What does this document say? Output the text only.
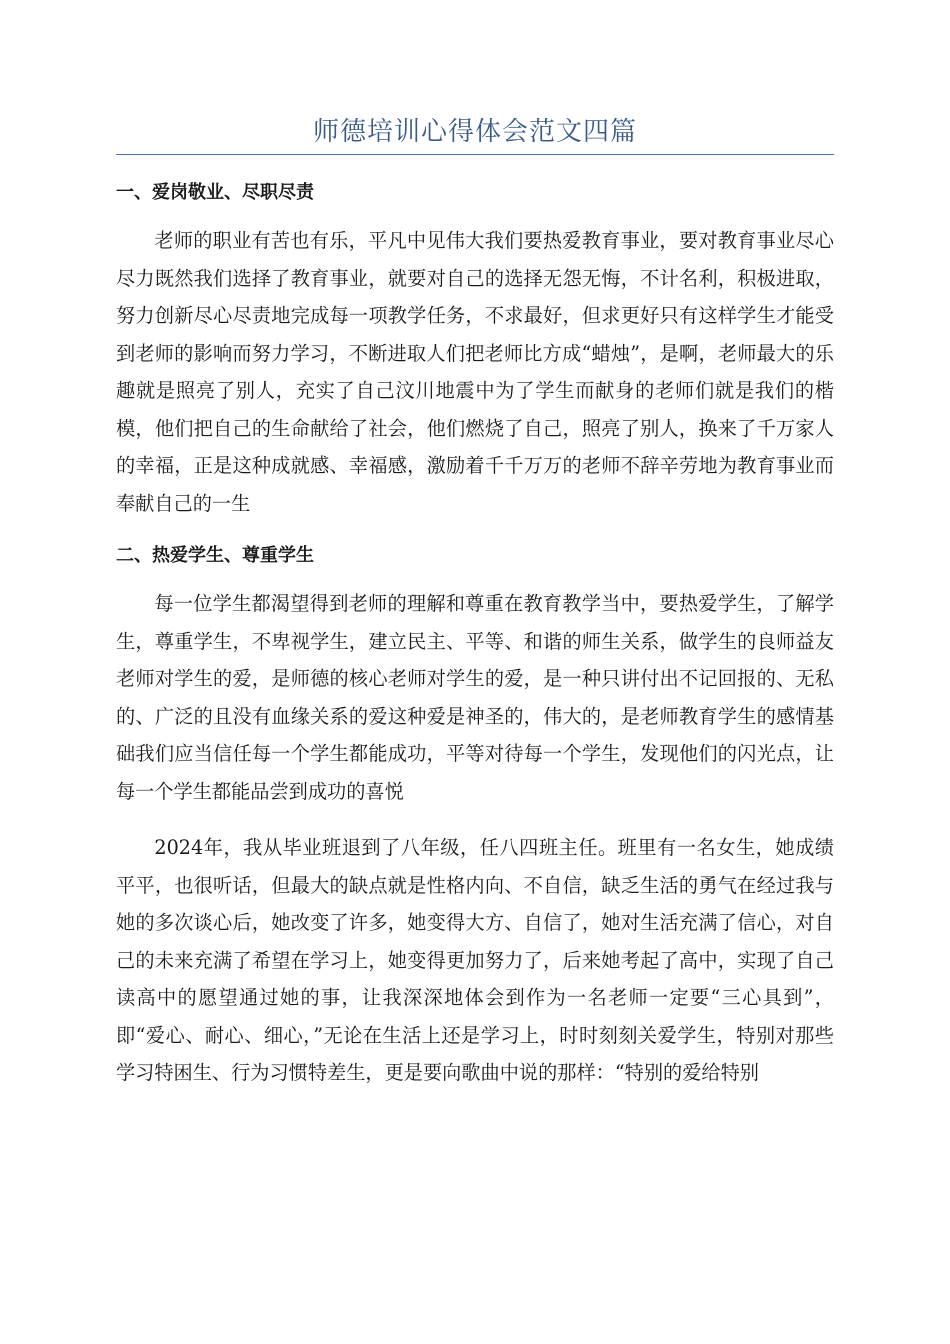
师德培训心得体会范文四篇
一、爱岗敬业、尽职尽责

老师的职业有苦也有乐，平凡中见伟大我们要热爱教育事业，要对教育事业尽心尽力既然我们选择了教育事业，就要对自己的选择无怨无悔，不计名利，积极进取，努力创新尽心尽责地完成每一项教学任务，不求最好，但求更好只有这样学生才能受到老师的影响而努力学习，不断进取人们把老师比方成“蜡烛”，是啊，老师最大的乐趣就是照亮了别人，充实了自己汶川地震中为了学生而献身的老师们就是我们的楷模，他们把自己的生命献给了社会，他们燃烧了自己，照亮了别人，换来了千万家人的幸福，正是这种成就感、幸福感，激励着千千万万的老师不辞辛劳地为教育事业而奉献自己的一生

二、热爱学生、尊重学生

每一位学生都渴望得到老师的理解和尊重在教育教学当中，要热爱学生，了解学生，尊重学生，不卑视学生，建立民主、平等、和谐的师生关系，做学生的良师益友老师对学生的爱，是师德的核心老师对学生的爱，是一种只讲付出不记回报的、无私的、广泛的且没有血缘关系的爱这种爱是神圣的，伟大的，是老师教育学生的感情基础我们应当信任每一个学生都能成功，平等对待每一个学生，发现他们的闪光点，让每一个学生都能品尝到成功的喜悦

2024年，我从毕业班退到了八年级，任八四班主任。班里有一名女生，她成绩平平，也很听话，但最大的缺点就是性格内向、不自信，缺乏生活的勇气在经过我与她的多次谈心后，她改变了许多，她变得大方、自信了，她对生活充满了信心，对自己的未来充满了希望在学习上，她变得更加努力了，后来她考起了高中，实现了自己读高中的愿望通过她的事，让我深深地体会到作为一名老师一定要“三心具到”，即“爱心、耐心、细心，”无论在生活上还是学习上，时时刻刻关爱学生，特别对那些学习特困生、行为习惯特差生，更是要向歌曲中说的那样：“特别的爱给特别
